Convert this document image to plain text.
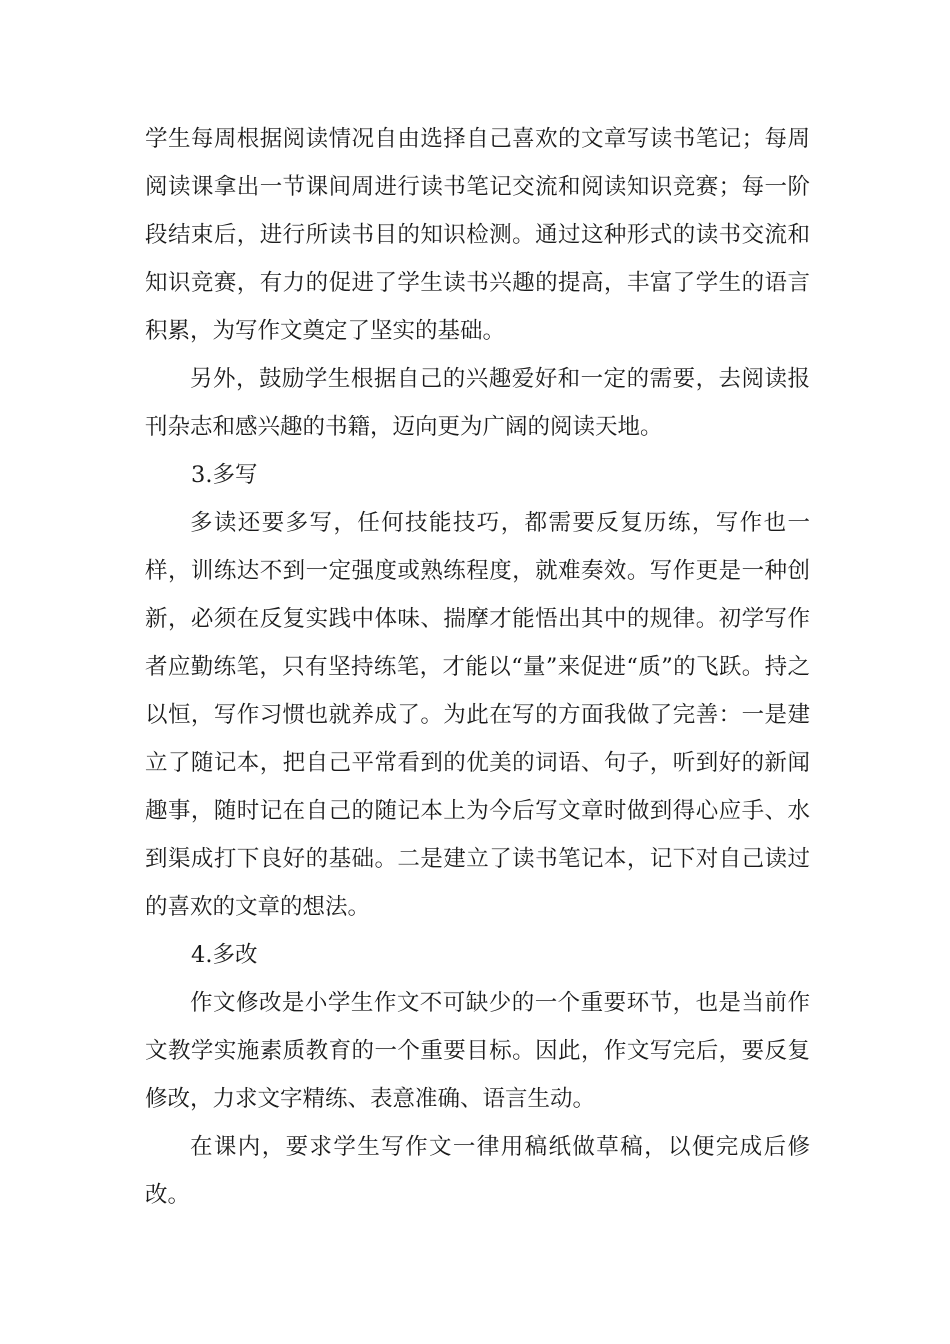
学生每周根据阅读情况自由选择自己喜欢的文章写读书笔记；每周阅读课拿出一节课间周进行读书笔记交流和阅读知识竞赛；每一阶段结束后，进行所读书目的知识检测。通过这种形式的读书交流和知识竞赛，有力的促进了学生读书兴趣的提高，丰富了学生的语言积累，为写作文奠定了坚实的基础。

另外，鼓励学生根据自己的兴趣爱好和一定的需要，去阅读报刊杂志和感兴趣的书籍，迈向更为广阔的阅读天地。

3.多写

多读还要多写，任何技能技巧，都需要反复历练，写作也一样，训练达不到一定强度或熟练程度，就难奏效。写作更是一种创新，必须在反复实践中体味、揣摩才能悟出其中的规律。初学写作者应勤练笔，只有坚持练笔，才能以“量”来促进“质”的飞跃。持之以恒，写作习惯也就养成了。为此在写的方面我做了完善：一是建立了随记本，把自己平常看到的优美的词语、句子，听到好的新闻趣事，随时记在自己的随记本上为今后写文章时做到得心应手、水到渠成打下良好的基础。二是建立了读书笔记本，记下对自己读过的喜欢的文章的想法。

4.多改

作文修改是小学生作文不可缺少的一个重要环节，也是当前作文教学实施素质教育的一个重要目标。因此，作文写完后，要反复修改，力求文字精练、表意准确、语言生动。

在课内，要求学生写作文一律用稿纸做草稿，以便完成后修改。
